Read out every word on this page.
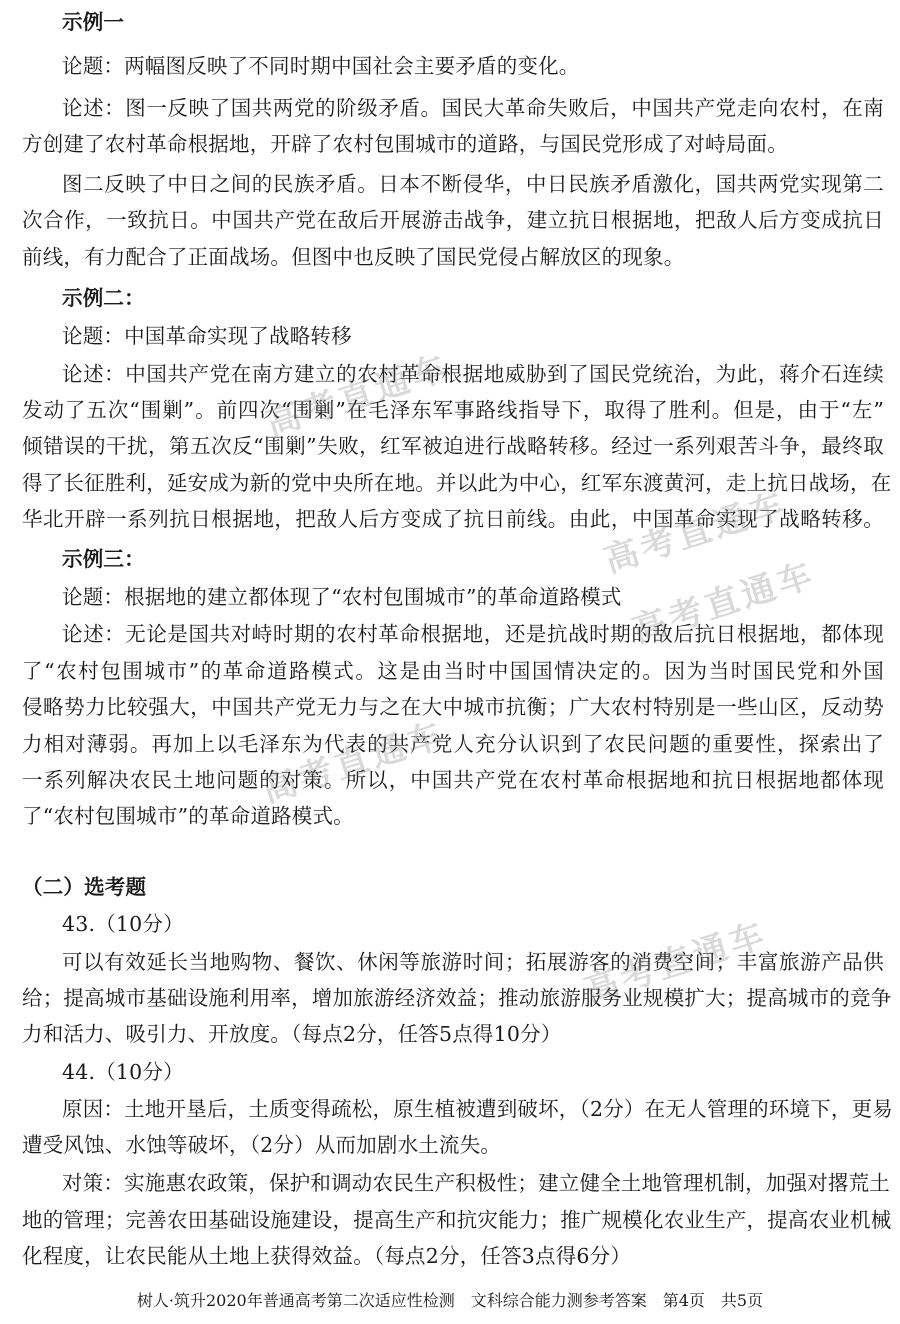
示例一
论题：两幅图反映了不同时期中国社会主要矛盾的变化。
论述：图一反映了国共两党的阶级矛盾。国民大革命失败后，中国共产党走向农村，在南
方创建了农村革命根据地，开辟了农村包围城市的道路，与国民党形成了对峙局面。
图二反映了中日之间的民族矛盾。日本不断侵华，中日民族矛盾激化，国共两党实现第二
次合作，一致抗日。中国共产党在敌后开展游击战争，建立抗日根据地，把敌人后方变成抗日
前线，有力配合了正面战场。但图中也反映了国民党侵占解放区的现象。
示例二：
论题：中国革命实现了战略转移
论述：中国共产党在南方建立的农村革命根据地威胁到了国民党统治，为此，蒋介石连续
发动了五次“围剿”。前四次“围剿”在毛泽东军事路线指导下，取得了胜利。但是，由于“左”
倾错误的干扰，第五次反“围剿”失败，红军被迫进行战略转移。经过一系列艰苦斗争，最终取
得了长征胜利，延安成为新的党中央所在地。并以此为中心，红军东渡黄河，走上抗日战场，在
华北开辟一系列抗日根据地，把敌人后方变成了抗日前线。由此，中国革命实现了战略转移。
示例三：
论题：根据地的建立都体现了“农村包围城市”的革命道路模式
论述：无论是国共对峙时期的农村革命根据地，还是抗战时期的敌后抗日根据地，都体现
了“农村包围城市”的革命道路模式。这是由当时中国国情决定的。因为当时国民党和外国
侵略势力比较强大，中国共产党无力与之在大中城市抗衡；广大农村特别是一些山区，反动势
力相对薄弱。再加上以毛泽东为代表的共产党人充分认识到了农民问题的重要性，探索出了
一系列解决农民土地问题的对策。所以，中国共产党在农村革命根据地和抗日根据地都体现
了“农村包围城市”的革命道路模式。
（二）选考题
43.（10分）
可以有效延长当地购物、餐饮、休闲等旅游时间；拓展游客的消费空间；丰富旅游产品供
给；提高城市基础设施利用率，增加旅游经济效益；推动旅游服务业规模扩大；提高城市的竞争
力和活力、吸引力、开放度。（每点2分，任答5点得10分）
44.（10分）
原因：土地开垦后，土质变得疏松，原生植被遭到破坏，（2分）在无人管理的环境下，更易
遭受风蚀、水蚀等破坏，（2分）从而加剧水土流失。
对策：实施惠农政策，保护和调动农民生产积极性；建立健全土地管理机制，加强对撂荒土
地的管理；完善农田基础设施建设，提高生产和抗灾能力；推广规模化农业生产，提高农业机械
化程度，让农民能从土地上获得效益。（每点2分，任答3点得6分）
树人·筑升2020年普通高考第二次适应性检测　文科综合能力测参考答案　第4页　共5页
高考直通车
高考直通车
高考直通车
高考直通车
高考直通车
